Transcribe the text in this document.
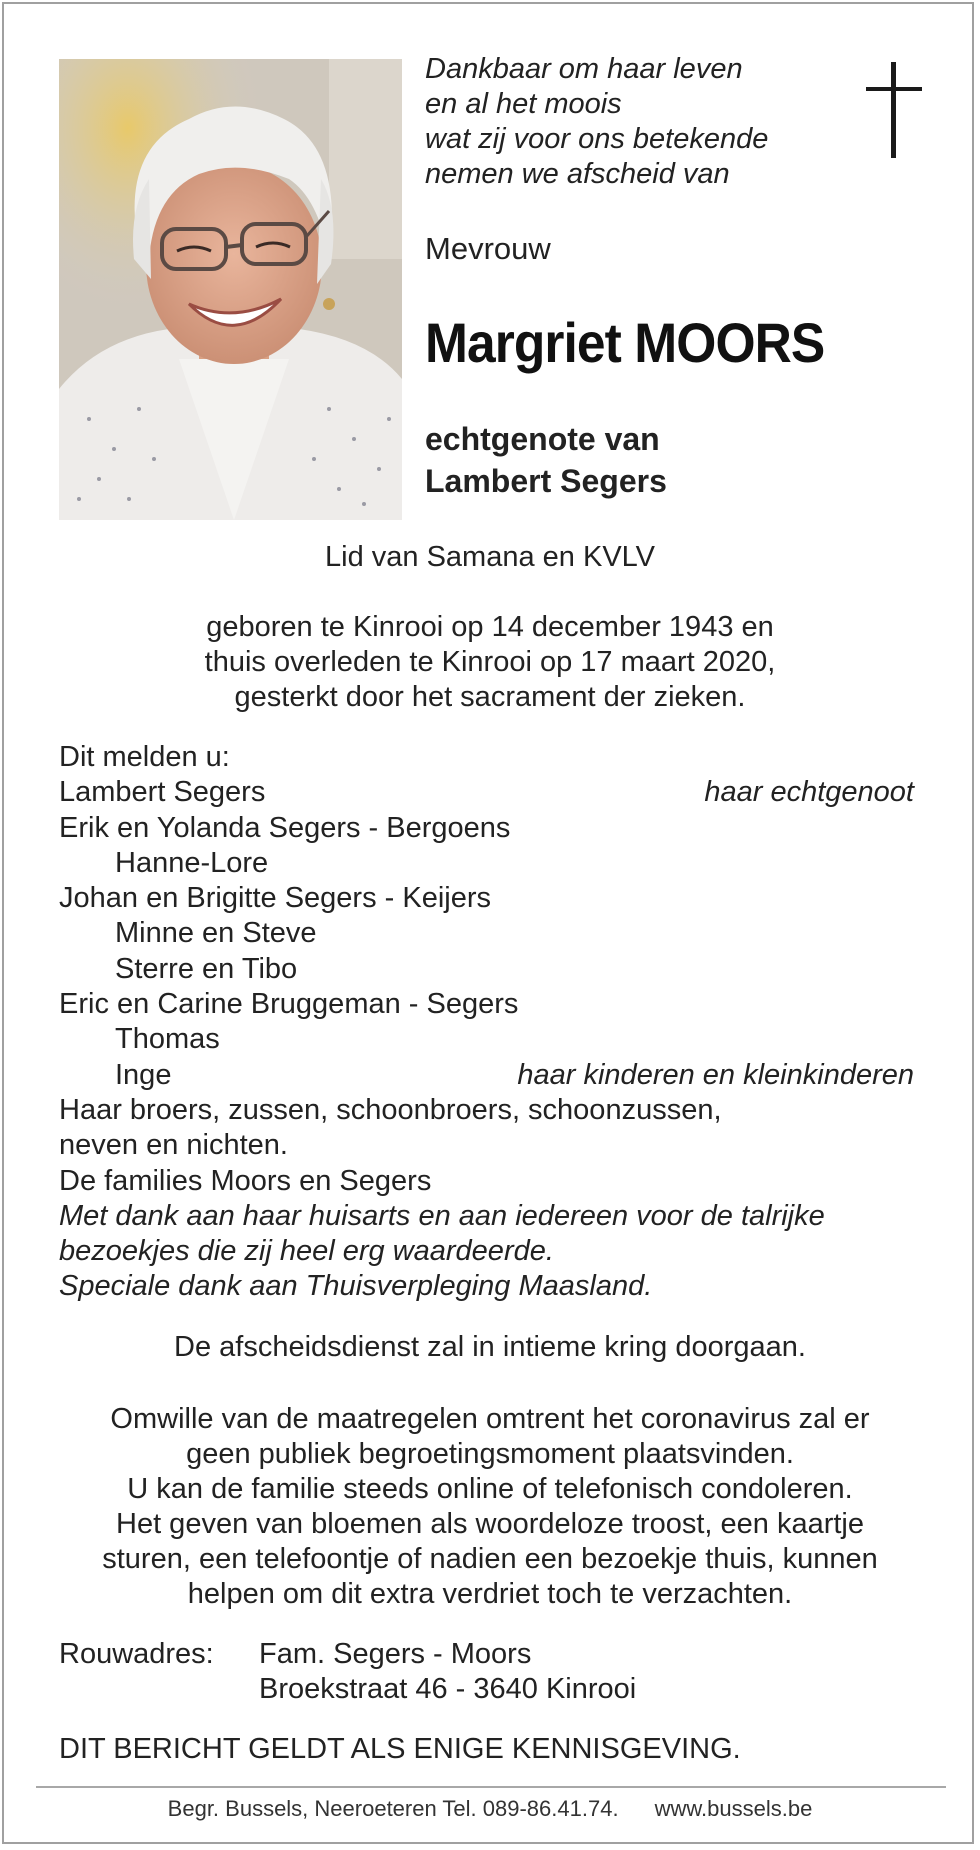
Dankbaar om haar leven
en al het moois
wat zij voor ons betekende
nemen we afscheid van
Mevrouw
Margriet MOORS
echtgenote van
Lambert Segers
Lid van Samana en KVLV
geboren te Kinrooi op 14 december 1943 en
thuis overleden te Kinrooi op 17 maart 2020,
gesterkt door het sacrament der zieken.
Dit melden u:
Lambert Segers	haar echtgenoot
Erik en Yolanda Segers - Bergoens
Hanne-Lore
Johan en Brigitte Segers - Keijers
Minne en Steve
Sterre en Tibo
Eric en Carine Bruggeman - Segers
Thomas
Inge	haar kinderen en kleinkinderen
Haar broers, zussen, schoonbroers, schoonzussen,
neven en nichten.
De families Moors en Segers
Met dank aan haar huisarts en aan iedereen voor de talrijke
bezoekjes die zij heel erg waardeerde.
Speciale dank aan Thuisverpleging Maasland.
De afscheidsdienst zal in intieme kring doorgaan.
Omwille van de maatregelen omtrent het coronavirus zal er
geen publiek begroetingsmoment plaatsvinden.
U kan de familie steeds online of telefonisch condoleren.
Het geven van bloemen als woordeloze troost, een kaartje
sturen, een telefoontje of nadien een bezoekje thuis, kunnen
helpen om dit extra verdriet toch te verzachten.
Rouwadres: Fam. Segers - Moors
Broekstraat 46 - 3640 Kinrooi
DIT BERICHT GELDT ALS ENIGE KENNISGEVING.
Begr. Bussels, Neeroeteren Tel. 089-86.41.74. www.bussels.be
